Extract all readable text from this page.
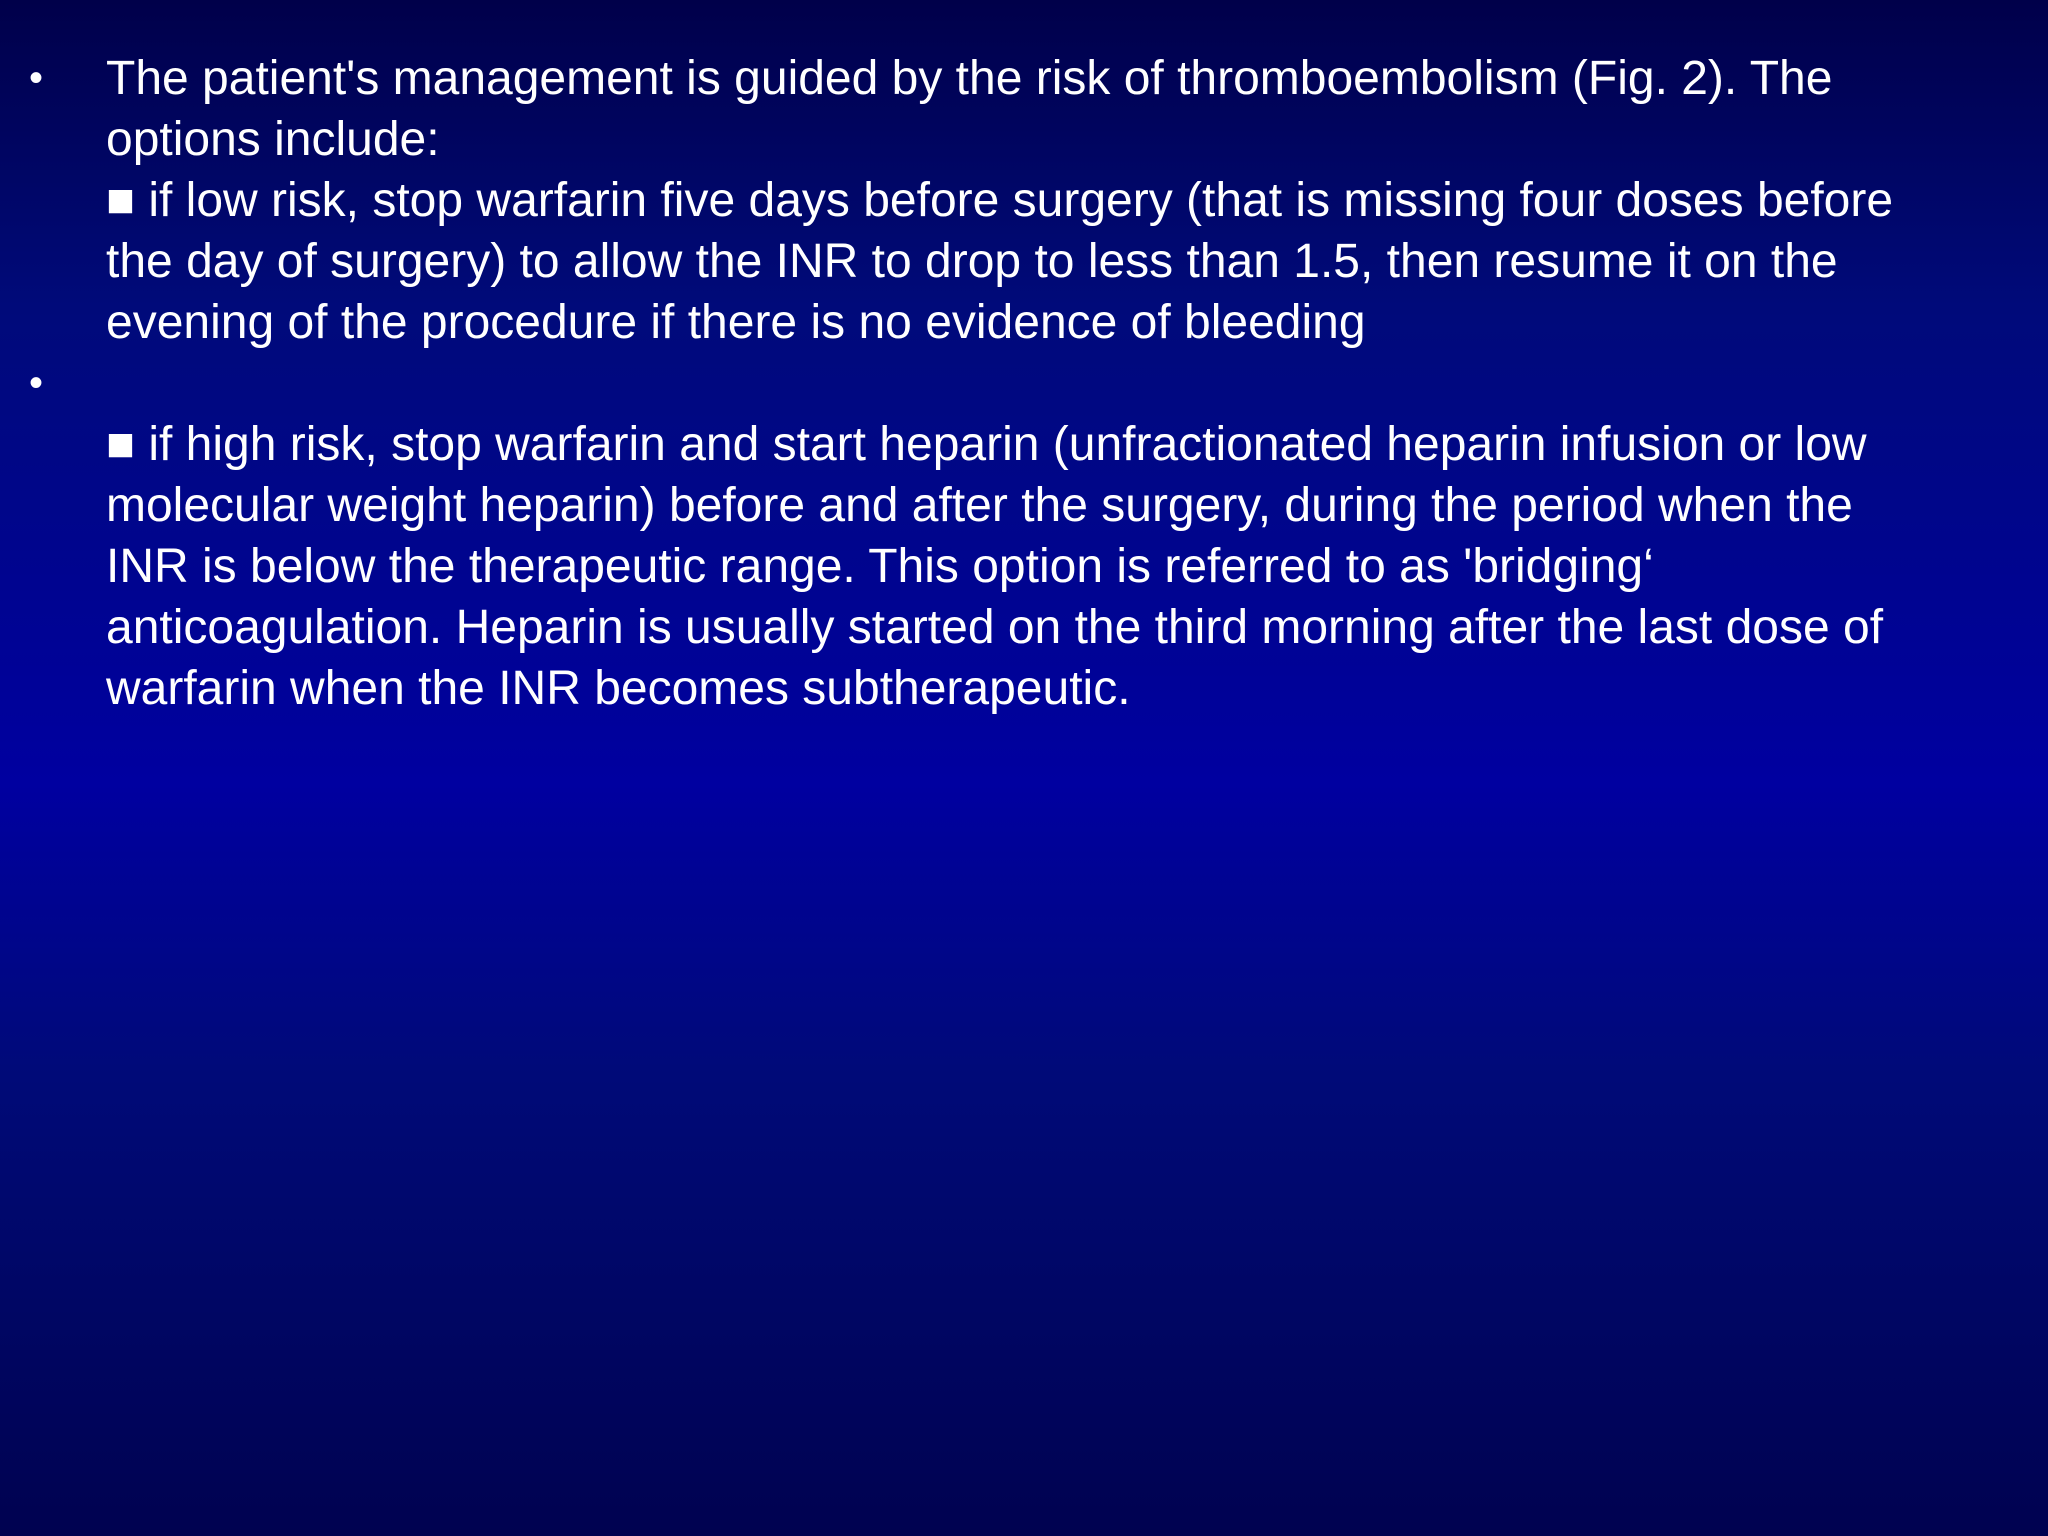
• The patient's management is guided by the risk of thromboembolism (Fig. 2). The
options include:
■ if low risk, stop warfarin five days before surgery (that is missing four doses before
the day of surgery) to allow the INR to drop to less than 1.5, then resume it on the
evening of the procedure if there is no evidence of bleeding
•
■ if high risk, stop warfarin and start heparin (unfractionated heparin infusion or low
molecular weight heparin) before and after the surgery, during the period when the
INR is below the therapeutic range. This option is referred to as 'bridging‘
anticoagulation. Heparin is usually started on the third morning after the last dose of
warfarin when the INR becomes subtherapeutic.
